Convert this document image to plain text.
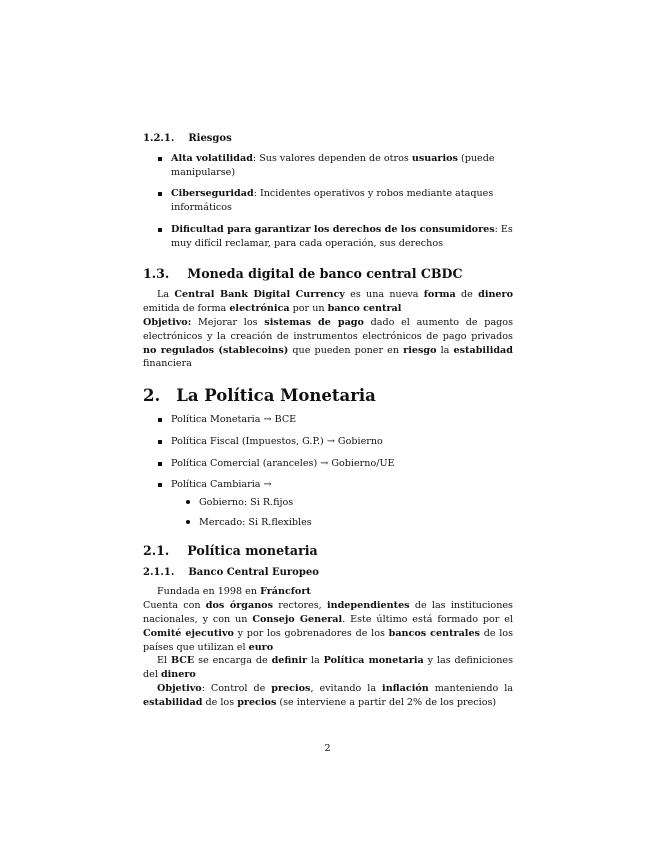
1.2.1. Riesgos
Alta volatilidad: Sus valores dependen de otros usuarios (puede manipularse)
Ciberseguridad: Incidentes operativos y robos mediante ataques informáticos
Dificultad para garantizar los derechos de los consumidores: Es muy difícil reclamar, para cada operación, sus derechos
1.3. Moneda digital de banco central CBDC

La Central Bank Digital Currency es una nueva forma de dinero emitida de forma electrónica por un banco central

Objetivo: Mejorar los sistemas de pago dado el aumento de pagos electrónicos y la creación de instrumentos electrónicos de pago privados no regulados (stablecoins) que pueden poner en riesgo la estabilidad financiera

2. La Política Monetaria
Política Monetaria → BCE
Política Fiscal (Impuestos, G.P.) → Gobierno
Política Comercial (aranceles) → Gobierno/UE
Política Cambiaria →
Gobierno: Si R.fijos
Mercado: Si R.flexibles
2.1. Política monetaria
2.1.1. Banco Central Europeo

Fundada en 1998 en Fráncfort

Cuenta con dos órganos rectores, independientes de las instituciones nacionales, y con un Consejo General. Este último está formado por el Comité ejecutivo y por los gobrenadores de los bancos centrales de los países que utilizan el euro

El BCE se encarga de definir la Política monetaria y las definiciones del dinero

Objetivo: Control de precios, evitando la inflación manteniendo la estabilidad de los precios (se interviene a partir del 2% de los precios)

2
